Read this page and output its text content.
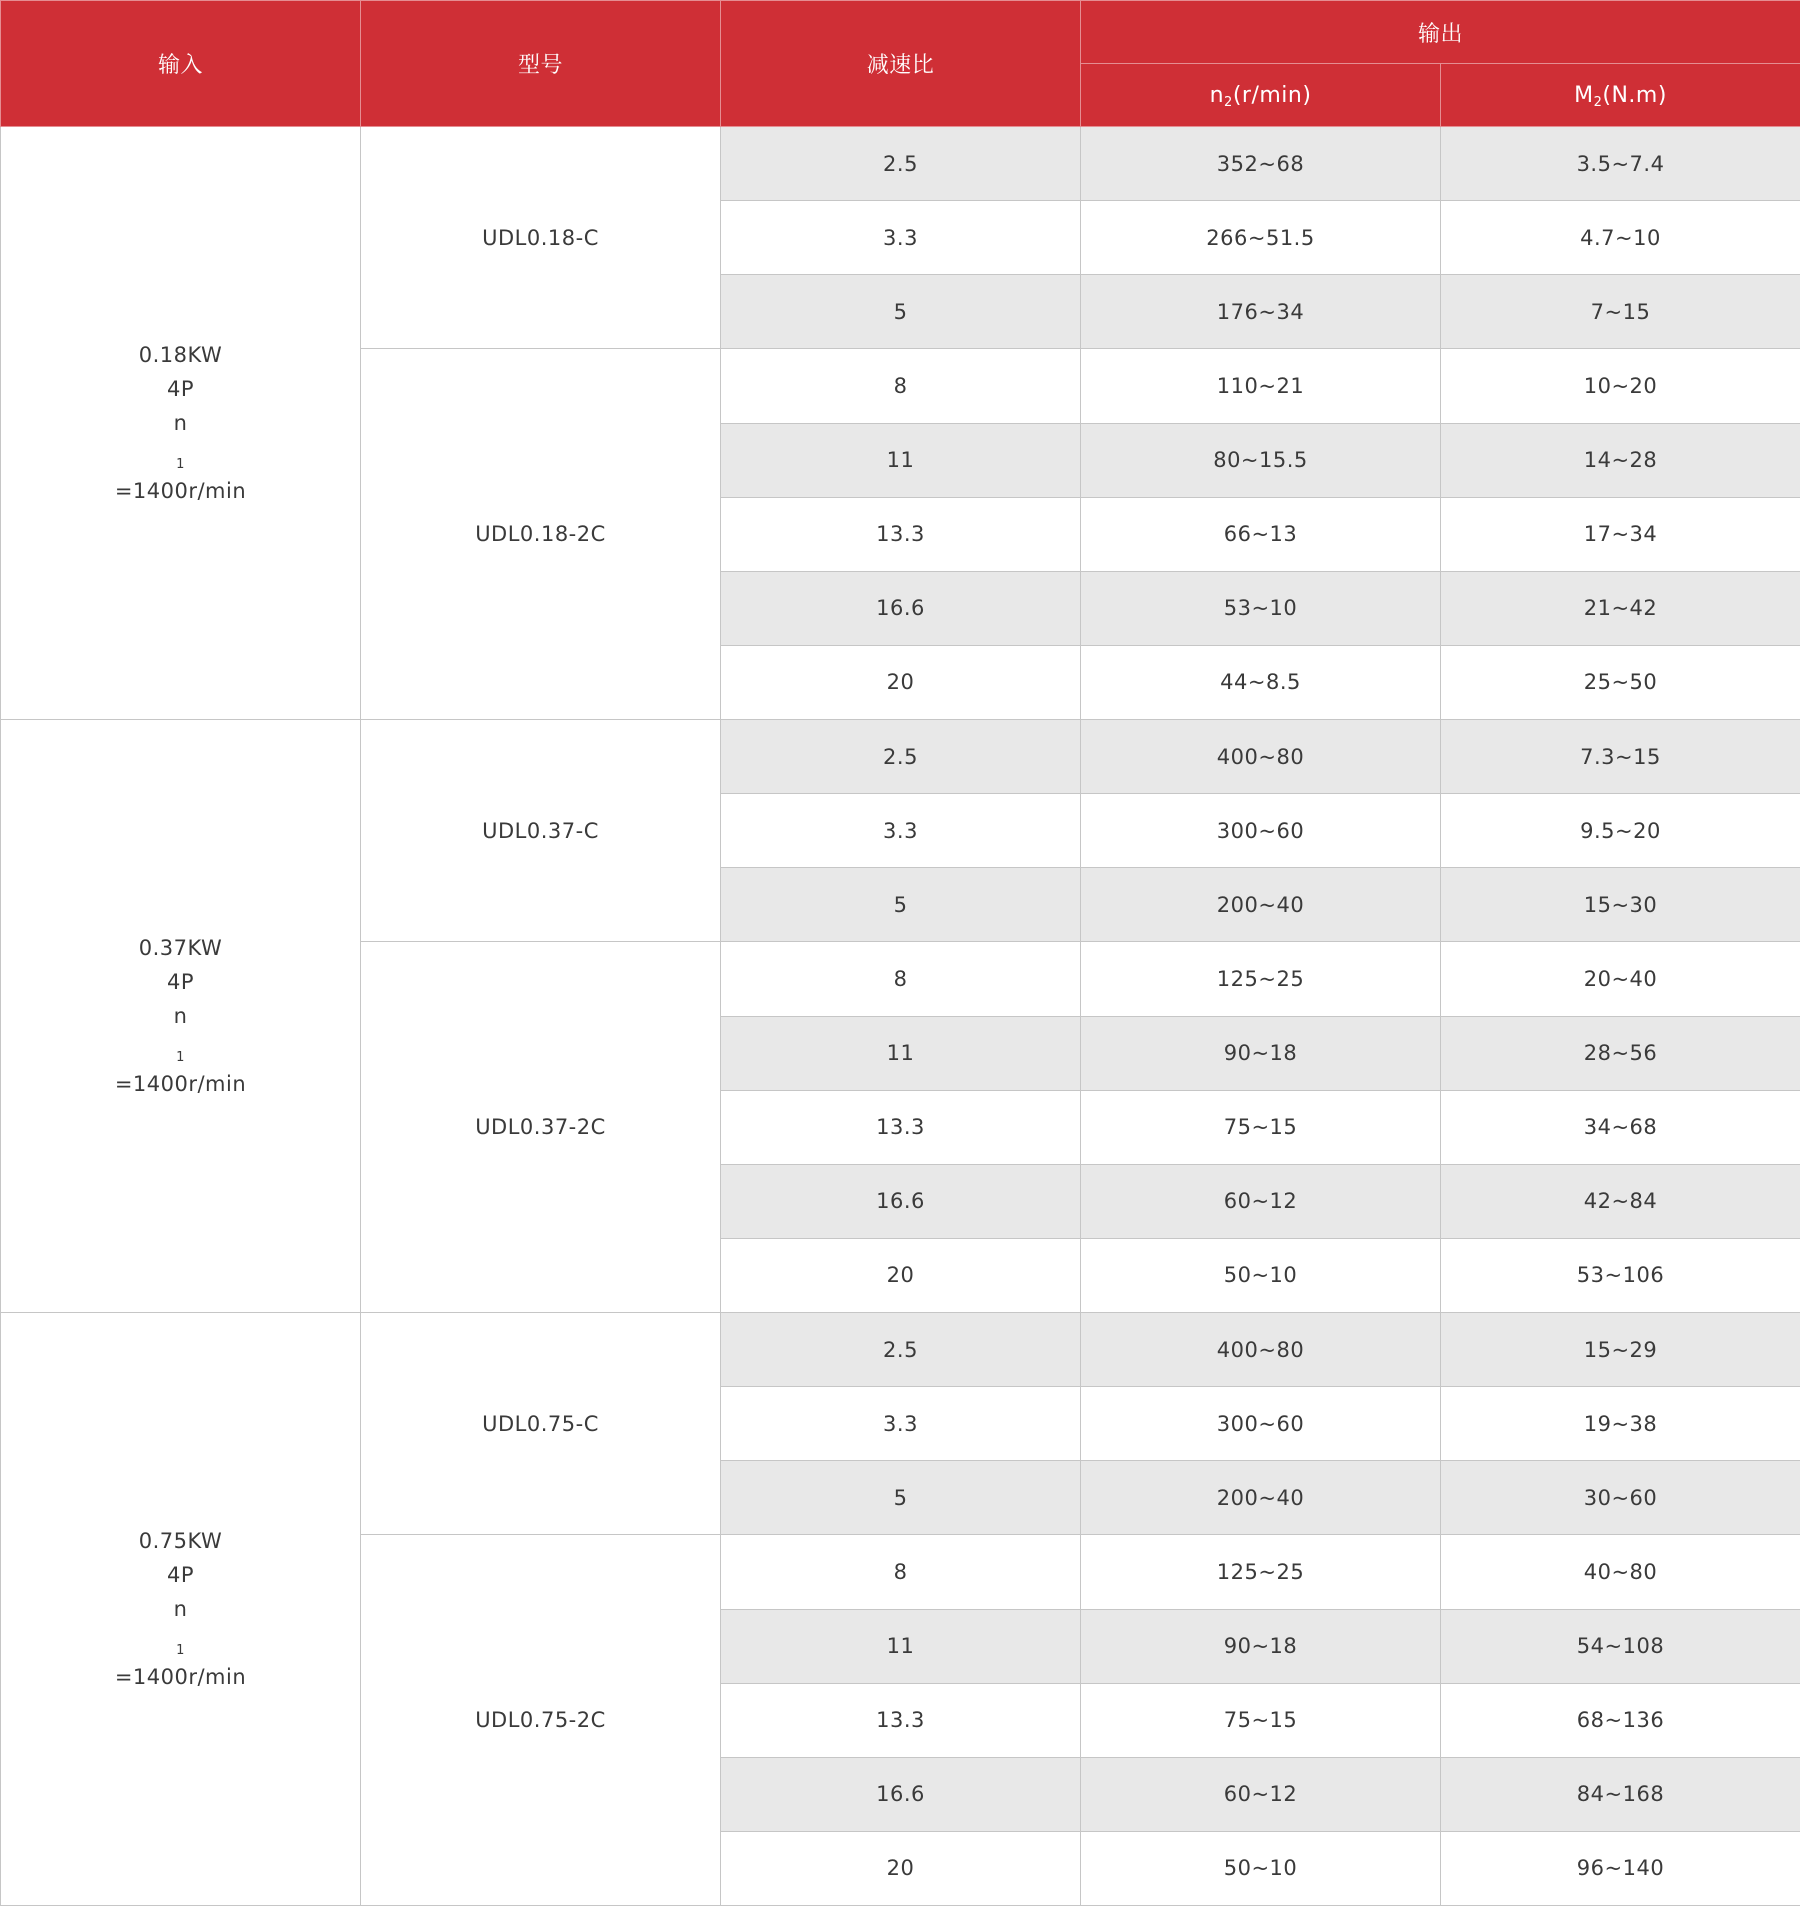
输入	型号	减速比	输出	
			$n_2(r/\min)$	$M_2(N.m)$

0.18KW
4P
n
$_1$
=1400r/min	UDL0.18-C	2.5	352~68	3.5~7.4
		3.3	266~51.5	4.7~10
		5	176~34	7~15
	UDL0.18-2C	8	110~21	10~20
		11	80~15.5	14~28
		13.3	66~13	17~34
		16.6	53~10	21~42
		20	44~8.5	25~50

0.37KW
4P
n
$_1$
=1400r/min	UDL0.37-C	2.5	400~80	7.3~15
		3.3	300~60	9.5~20
		5	200~40	15~30
	UDL0.37-2C	8	125~25	20~40
		11	90~18	28~56
		13.3	75~15	34~68
		16.6	60~12	42~84
		20	50~10	53~106

0.75KW
4P
n
$_1$
=1400r/min	UDL0.75-C	2.5	400~80	15~29
		3.3	300~60	19~38
		5	200~40	30~60
	UDL0.75-2C	8	125~25	40~80
		11	90~18	54~108
		13.3	75~15	68~136
		16.6	60~12	84~168
		20	50~10	96~140
